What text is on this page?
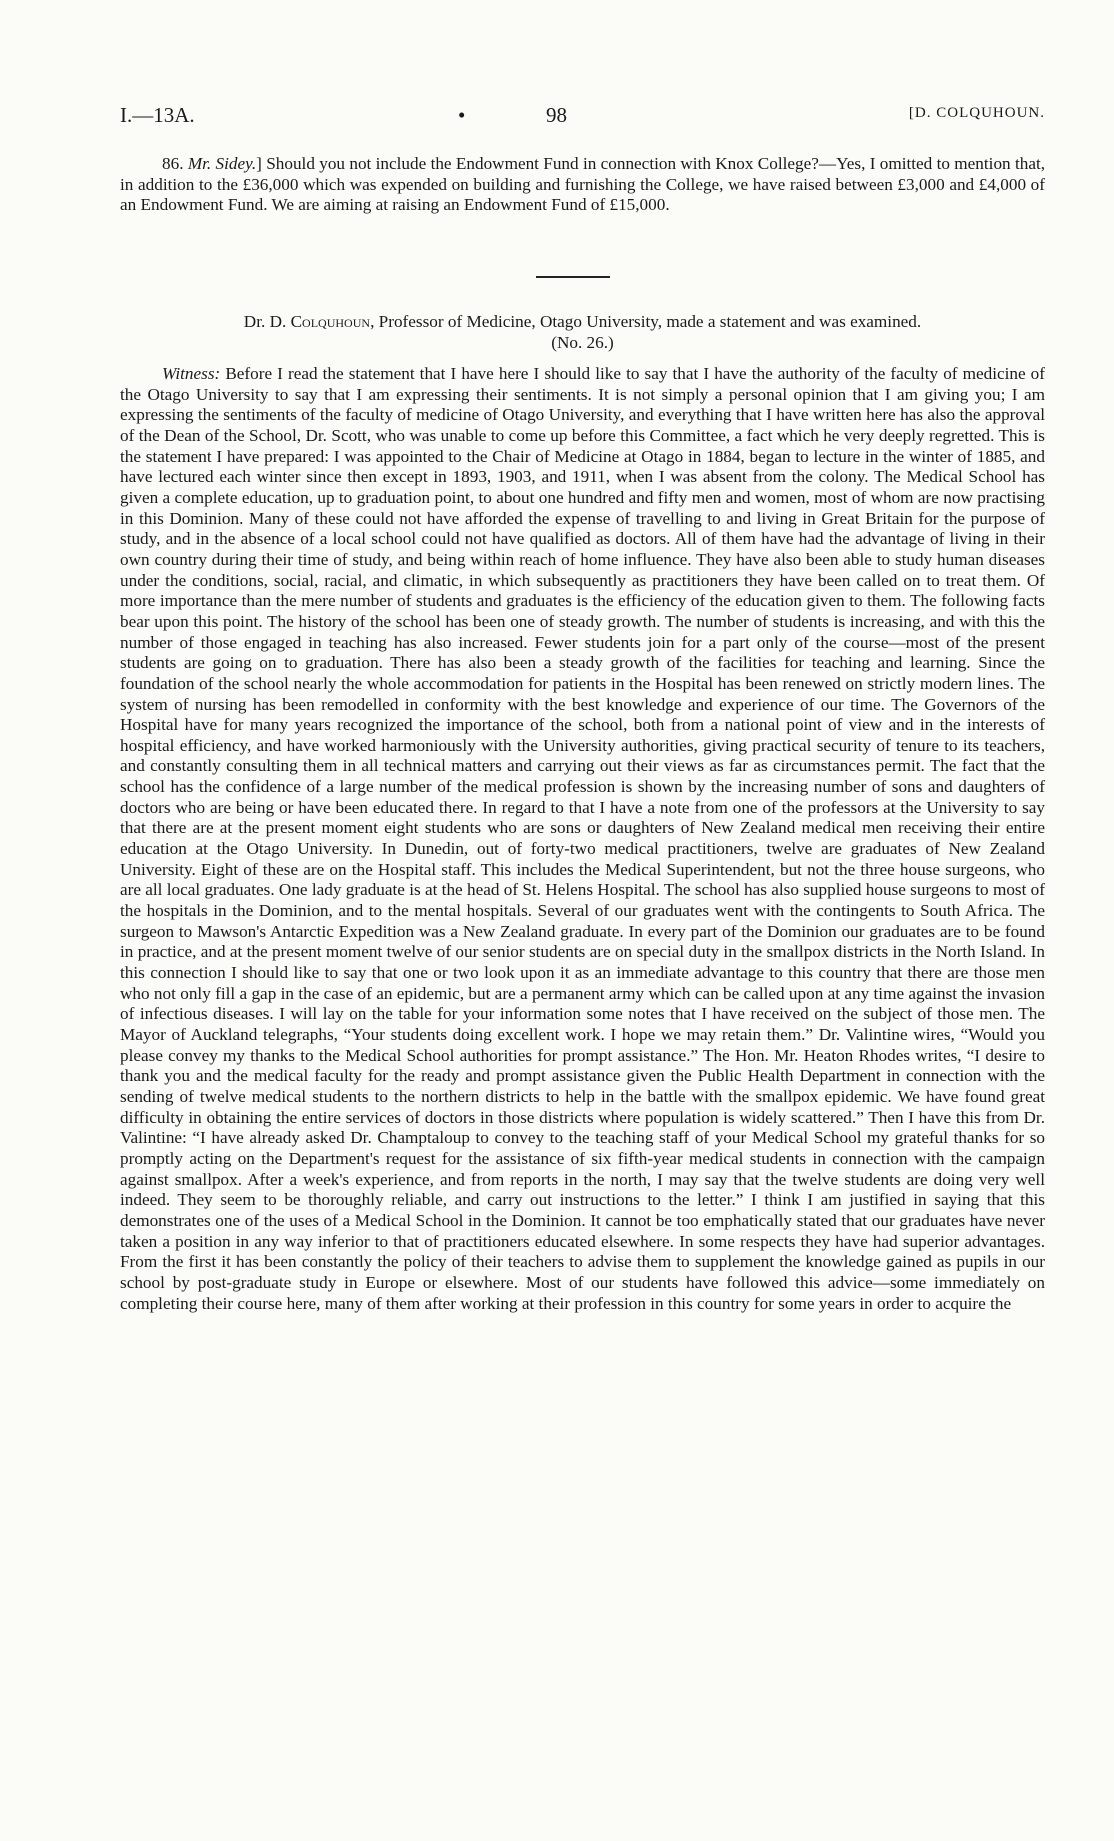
I.—13A.	•	98	[D. COLQUHOUN.

86. Mr. Sidey.] Should you not include the Endowment Fund in connection with Knox College?—Yes, I omitted to mention that, in addition to the £36,000 which was expended on building and furnishing the College, we have raised between £3,000 and £4,000 of an Endowment Fund. We are aiming at raising an Endowment Fund of £15,000.

Dr. D. Colquhoun, Professor of Medicine, Otago University, made a statement and was examined.
(No. 26.)

Witness: Before I read the statement that I have here I should like to say that I have the authority of the faculty of medicine of the Otago University to say that I am expressing their sentiments. It is not simply a personal opinion that I am giving you; I am expressing the sentiments of the faculty of medicine of Otago University, and everything that I have written here has also the approval of the Dean of the School, Dr. Scott, who was unable to come up before this Committee, a fact which he very deeply regretted. This is the statement I have prepared: I was appointed to the Chair of Medicine at Otago in 1884, began to lecture in the winter of 1885, and have lectured each winter since then except in 1893, 1903, and 1911, when I was absent from the colony. The Medical School has given a complete education, up to graduation point, to about one hundred and fifty men and women, most of whom are now practising in this Dominion. Many of these could not have afforded the expense of travelling to and living in Great Britain for the purpose of study, and in the absence of a local school could not have qualified as doctors. All of them have had the advantage of living in their own country during their time of study, and being within reach of home influence. They have also been able to study human diseases under the conditions, social, racial, and climatic, in which subsequently as practitioners they have been called on to treat them. Of more importance than the mere number of students and graduates is the efficiency of the education given to them. The following facts bear upon this point. The history of the school has been one of steady growth. The number of students is increasing, and with this the number of those engaged in teaching has also increased. Fewer students join for a part only of the course—most of the present students are going on to graduation. There has also been a steady growth of the facilities for teaching and learning. Since the foundation of the school nearly the whole accommodation for patients in the Hospital has been renewed on strictly modern lines. The system of nursing has been remodelled in conformity with the best knowledge and experience of our time. The Governors of the Hospital have for many years recognized the importance of the school, both from a national point of view and in the interests of hospital efficiency, and have worked harmoniously with the University authorities, giving practical security of tenure to its teachers, and constantly consulting them in all technical matters and carrying out their views as far as circumstances permit. The fact that the school has the confidence of a large number of the medical profession is shown by the increasing number of sons and daughters of doctors who are being or have been educated there. In regard to that I have a note from one of the professors at the University to say that there are at the present moment eight students who are sons or daughters of New Zealand medical men receiving their entire education at the Otago University. In Dunedin, out of forty-two medical practitioners, twelve are graduates of New Zealand University. Eight of these are on the Hospital staff. This includes the Medical Superintendent, but not the three house surgeons, who are all local graduates. One lady graduate is at the head of St. Helens Hospital. The school has also supplied house surgeons to most of the hospitals in the Dominion, and to the mental hospitals. Several of our graduates went with the contingents to South Africa. The surgeon to Mawson's Antarctic Expedition was a New Zealand graduate. In every part of the Dominion our graduates are to be found in practice, and at the present moment twelve of our senior students are on special duty in the smallpox districts in the North Island. In this connection I should like to say that one or two look upon it as an immediate advantage to this country that there are those men who not only fill a gap in the case of an epidemic, but are a permanent army which can be called upon at any time against the invasion of infectious diseases. I will lay on the table for your information some notes that I have received on the subject of those men. The Mayor of Auckland telegraphs, “Your students doing excellent work. I hope we may retain them.” Dr. Valintine wires, “Would you please convey my thanks to the Medical School authorities for prompt assistance.” The Hon. Mr. Heaton Rhodes writes, “I desire to thank you and the medical faculty for the ready and prompt assistance given the Public Health Department in connection with the sending of twelve medical students to the northern districts to help in the battle with the smallpox epidemic. We have found great difficulty in obtaining the entire services of doctors in those districts where population is widely scattered.” Then I have this from Dr. Valintine: “I have already asked Dr. Champtaloup to convey to the teaching staff of your Medical School my grateful thanks for so promptly acting on the Department's request for the assistance of six fifth-year medical students in connection with the campaign against smallpox. After a week's experience, and from reports in the north, I may say that the twelve students are doing very well indeed. They seem to be thoroughly reliable, and carry out instructions to the letter.” I think I am justified in saying that this demonstrates one of the uses of a Medical School in the Dominion. It cannot be too emphatically stated that our graduates have never taken a position in any way inferior to that of practitioners educated elsewhere. In some respects they have had superior advantages. From the first it has been constantly the policy of their teachers to advise them to supplement the knowledge gained as pupils in our school by post-graduate study in Europe or elsewhere. Most of our students have followed this advice—some immediately on completing their course here, many of them after working at their profession in this country for some years in order to acquire the
